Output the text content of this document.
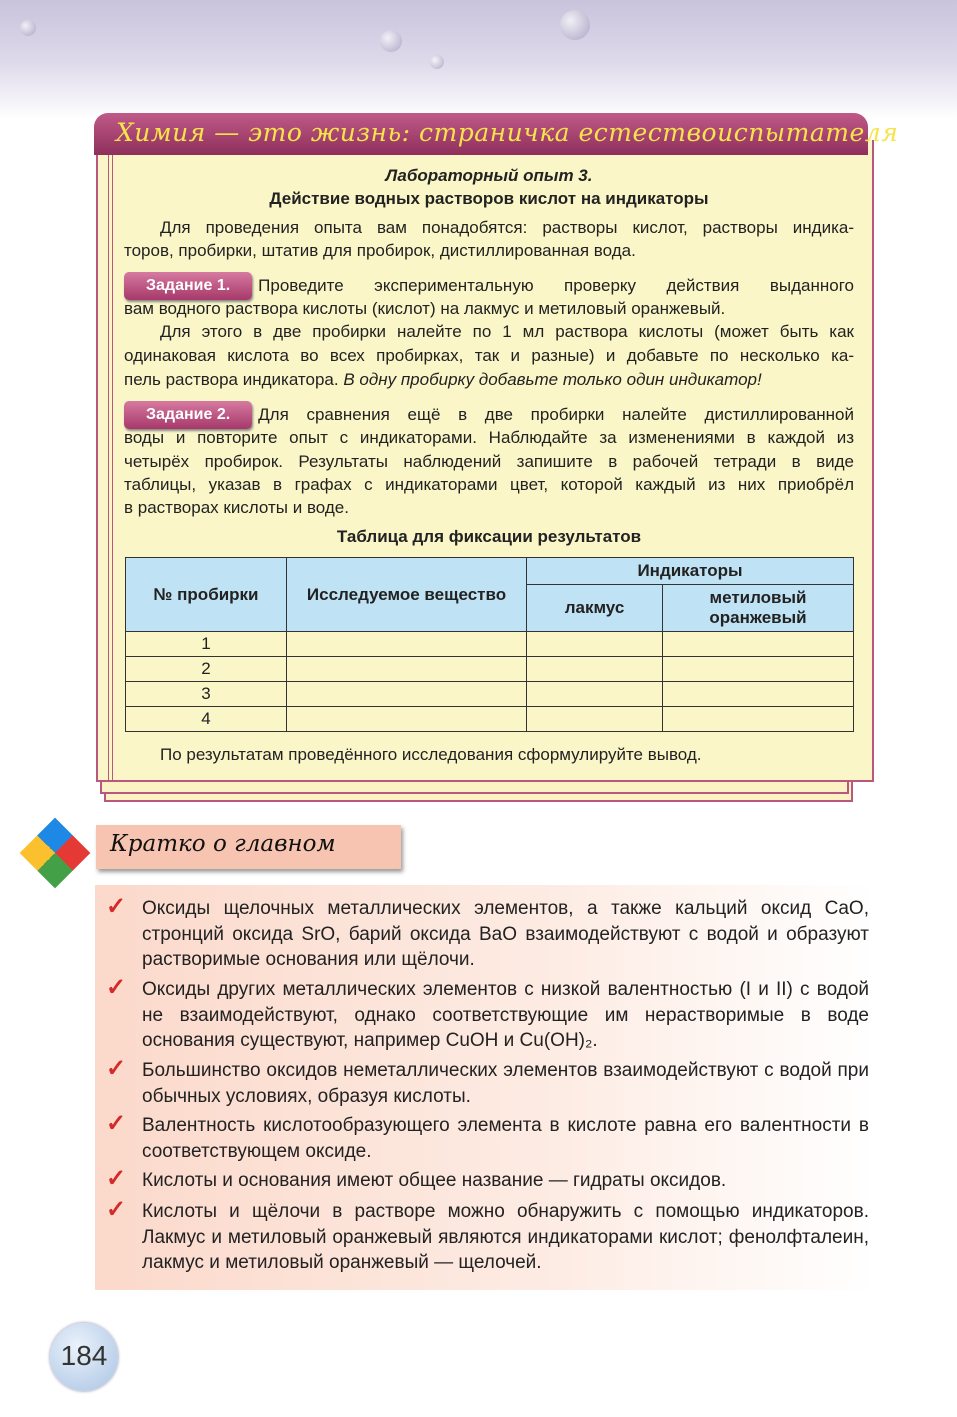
Химия — это жизнь: страничка естествоиспытателя
Лабораторный опыт 3.
Действие водных растворов кислот на индикаторы
Для проведения опыта вам понадобятся: растворы кислот, растворы индика-
торов, пробирки, штатив для пробирок, дистиллированная вода.
Задание 1.	Проведите экспериментальную проверку действия выданного
вам водного раствора кислоты (кислот) на лакмус и метиловый оранжевый.
Для этого в две пробирки налейте по 1 мл раствора кислоты (может быть как
одинаковая кислота во всех пробирках, так и разные) и добавьте по несколько ка-
пель раствора индикатора. В одну пробирку добавьте только один индикатор!
Задание 2.	Для сравнения ещё в две пробирки налейте дистиллированной
воды и повторите опыт с индикаторами. Наблюдайте за изменениями в каждой из
четырёх пробирок. Результаты наблюдений запишите в рабочей тетради в виде
таблицы, указав в графах с индикаторами цвет, которой каждый из них приобрёл
в растворах кислоты и воде.
Таблица для фиксации результатов
№ пробирки	Исследуемое вещество	Индикаторы	
		лакмус	метиловый оранжевый
1			
2			
3			
4			
По результатам проведённого исследования сформулируйте вывод.
Кратко о главном
✓ Оксиды щелочных металлических элементов, а также кальций оксид CaO, стронций оксида SrO, барий оксида BaO взаимодействуют с водой и образуют растворимые основания или щёлочи.
✓ Оксиды других металлических элементов с низкой валентностью (I и II) с водой не взаимодействуют, однако соответствующие им нерастворимые в воде основания существуют, например CuOH и Cu(OH)₂.
✓ Большинство оксидов неметаллических элементов взаимодействуют с водой при обычных условиях, образуя кислоты.
✓ Валентность кислотообразующего элемента в кислоте равна его валентности в соответствующем оксиде.
✓ Кислоты и основания имеют общее название — гидраты оксидов.
✓ Кислоты и щёлочи в растворе можно обнаружить с помощью индикаторов. Лакмус и метиловый оранжевый являются индикаторами кислот; фенолфталеин, лакмус и метиловый оранжевый — щелочей.
184
